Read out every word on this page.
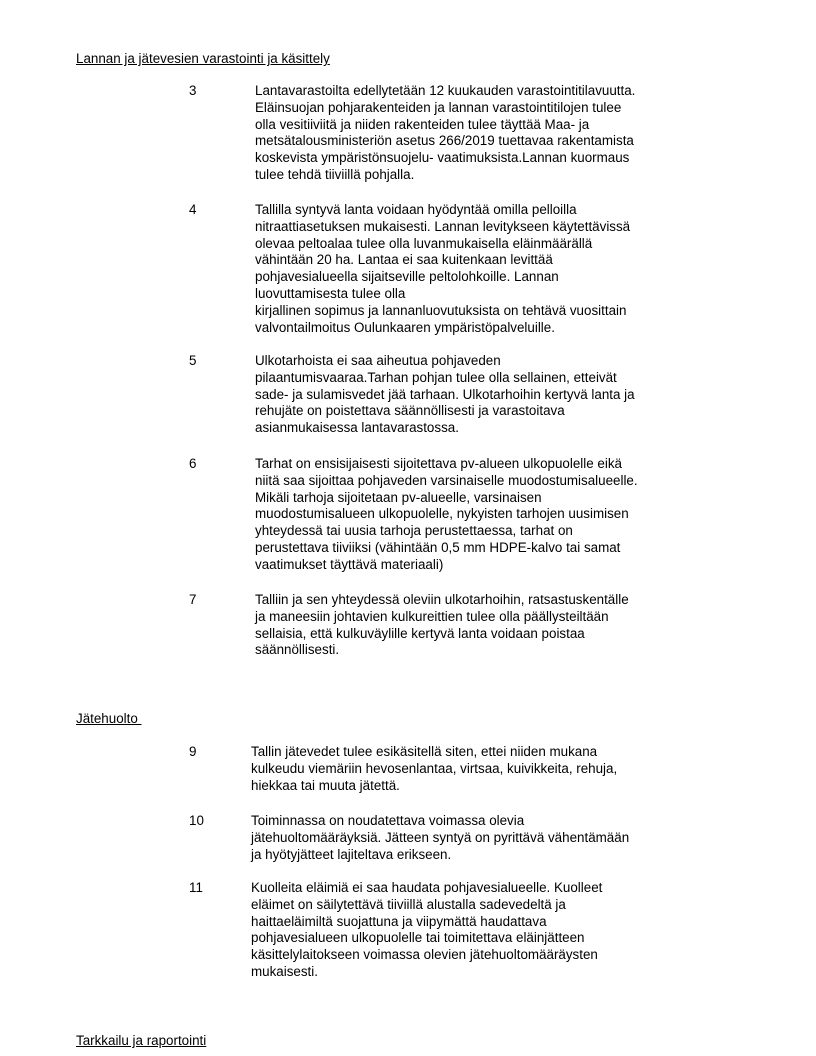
Lannan ja jätevesien varastointi ja käsittely
3	Lantavarastoilta edellytetään 12 kuukauden varastointitilavuutta.
Eläinsuojan pohjarakenteiden ja lannan varastointitilojen tulee
olla vesitiiviitä ja niiden rakenteiden tulee täyttää Maa- ja
metsätalousministeriön asetus 266/2019 tuettavaa rakentamista
koskevista ympäristönsuojelu- vaatimuksista.Lannan kuormaus
tulee tehdä tiiviillä pohjalla.

4	Tallilla syntyvä lanta voidaan hyödyntää omilla pelloilla
nitraattiasetuksen mukaisesti. Lannan levitykseen käytettävissä
olevaa peltoalaa tulee olla luvanmukaisella eläinmäärällä
vähintään 20 ha. Lantaa ei saa kuitenkaan levittää
pohjavesialueella sijaitseville peltolohkoille. Lannan
luovuttamisesta tulee olla
kirjallinen sopimus ja lannanluovutuksista on tehtävä vuosittain
valvontailmoitus Oulunkaaren ympäristöpalveluille.

5	Ulkotarhoista ei saa aiheutua pohjaveden
pilaantumisvaaraa.Tarhan pohjan tulee olla sellainen, etteivät
sade- ja sulamisvedet jää tarhaan. Ulkotarhoihin kertyvä lanta ja
rehujäte on poistettava säännöllisesti ja varastoitava
asianmukaisessa lantavarastossa.

6	Tarhat on ensisijaisesti sijoitettava pv-alueen ulkopuolelle eikä
niitä saa sijoittaa pohjaveden varsinaiselle muodostumisalueelle.
Mikäli tarhoja sijoitetaan pv-alueelle, varsinaisen
muodostumisalueen ulkopuolelle, nykyisten tarhojen uusimisen
yhteydessä tai uusia tarhoja perustettaessa, tarhat on
perustettava tiiviiksi (vähintään 0,5 mm HDPE-kalvo tai samat
vaatimukset täyttävä materiaali)

7	Talliin ja sen yhteydessä oleviin ulkotarhoihin, ratsastuskentälle
ja maneesiin johtavien kulkureittien tulee olla päällysteiltään
sellaisia, että kulkuväylille kertyvä lanta voidaan poistaa
säännöllisesti.

Jätehuolto
9	Tallin jätevedet tulee esikäsitellä siten, ettei niiden mukana
kulkeudu viemäriin hevosenlantaa, virtsaa, kuivikkeita, rehuja,
hiekkaa tai muuta jätettä.

10	Toiminnassa on noudatettava voimassa olevia
jätehuoltomääräyksiä. Jätteen syntyä on pyrittävä vähentämään
ja hyötyjätteet lajiteltava erikseen.

11	Kuolleita eläimiä ei saa haudata pohjavesialueelle. Kuolleet
eläimet on säilytettävä tiiviillä alustalla sadevedeltä ja
haittaeläimiltä suojattuna ja viipymättä haudattava
pohjavesialueen ulkopuolelle tai toimitettava eläinjätteen
käsittelylaitokseen voimassa olevien jätehuoltomääräysten
mukaisesti.

Tarkkailu ja raportointi
